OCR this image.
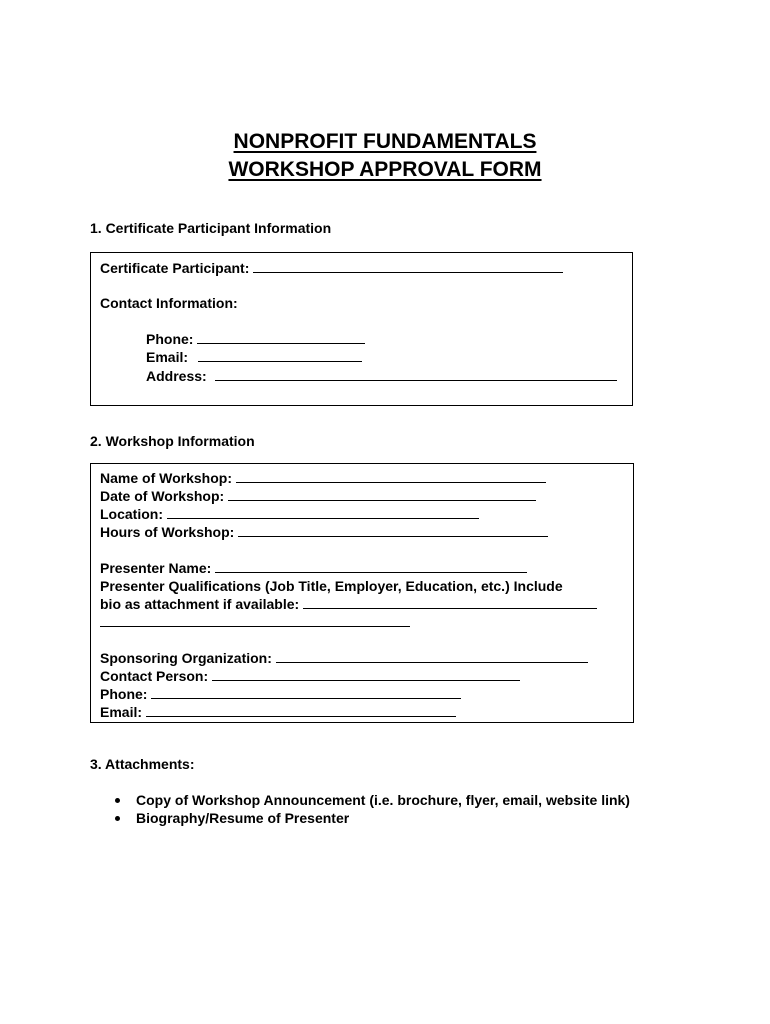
NONPROFIT FUNDAMENTALS
WORKSHOP APPROVAL FORM
1. Certificate Participant Information
Certificate Participant:
Contact Information:
Phone:
Email:
Address:
2. Workshop Information
Name of Workshop:
Date of Workshop:
Location:
Hours of Workshop:
Presenter Name:
Presenter Qualifications (Job Title, Employer, Education, etc.) Include
bio as attachment if available:
Sponsoring Organization:
Contact Person:
Phone:
Email:
3. Attachments:
Copy of Workshop Announcement (i.e. brochure, flyer, email, website link)
Biography/Resume of Presenter
